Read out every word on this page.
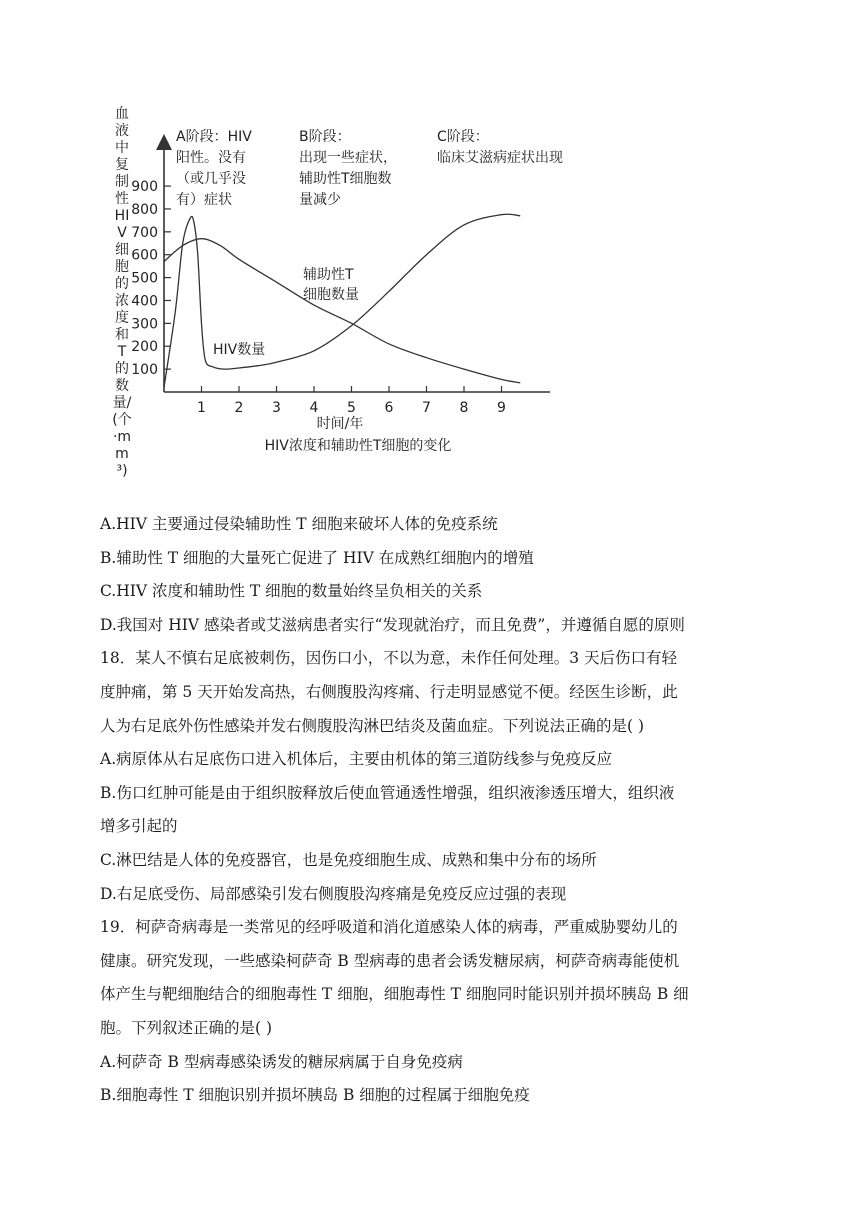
血液中复制性HIV细胞的浓度和T的数量/(个·mm³)
100
200
300
400
500
600
700
800
900
1 2 3 4 5 6 7 8 9
时间/年
HIV浓度和辅助性T细胞的变化
HIV数量
辅助性T
细胞数量
A阶段：HIV
阳性。没有
（或几乎没
有）症状
B阶段：
出现一些症状，
辅助性T细胞数
量减少
C阶段：
临床艾滋病症状出现

A.HIV 主要通过侵染辅助性 T 细胞来破坏人体的免疫系统

B.辅助性 T 细胞的大量死亡促进了 HIV 在成熟红细胞内的增殖

C.HIV 浓度和辅助性 T 细胞的数量始终呈负相关的关系

D.我国对 HIV 感染者或艾滋病患者实行“发现就治疗，而且免费”，并遵循自愿的原则

18．某人不慎右足底被刺伤，因伤口小，不以为意，未作任何处理。3 天后伤口有轻

度肿痛，第 5 天开始发高热，右侧腹股沟疼痛、行走明显感觉不便。经医生诊断，此

人为右足底外伤性感染并发右侧腹股沟淋巴结炎及菌血症。下列说法正确的是( )

A.病原体从右足底伤口进入机体后，主要由机体的第三道防线参与免疫反应

B.伤口红肿可能是由于组织胺释放后使血管通透性增强，组织液渗透压增大，组织液

增多引起的

C.淋巴结是人体的免疫器官，也是免疫细胞生成、成熟和集中分布的场所

D.右足底受伤、局部感染引发右侧腹股沟疼痛是免疫反应过强的表现

19．柯萨奇病毒是一类常见的经呼吸道和消化道感染人体的病毒，严重威胁婴幼儿的

健康。研究发现，一些感染柯萨奇 B 型病毒的患者会诱发糖尿病，柯萨奇病毒能使机

体产生与靶细胞结合的细胞毒性 T 细胞，细胞毒性 T 细胞同时能识别并损坏胰岛 B 细

胞。下列叙述正确的是( )

A.柯萨奇 B 型病毒感染诱发的糖尿病属于自身免疫病

B.细胞毒性 T 细胞识别并损坏胰岛 B 细胞的过程属于细胞免疫
